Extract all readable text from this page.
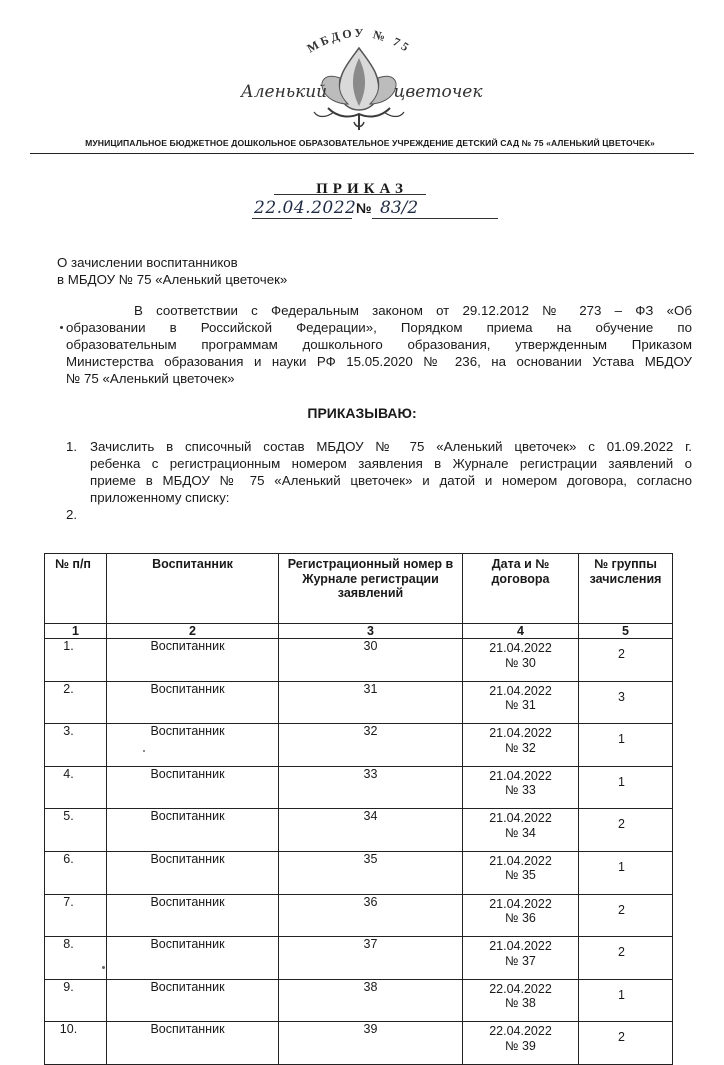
МБДОУ № 75
Аленький	цветочек
МУНИЦИПАЛЬНОЕ БЮДЖЕТНОЕ ДОШКОЛЬНОЕ ОБРАЗОВАТЕЛЬНОЕ УЧРЕЖДЕНИЕ ДЕТСКИЙ САД № 75 «АЛЕНЬКИЙ ЦВЕТОЧЕК»
ПРИКАЗ
22.04.2022 № 83/2
О зачислении воспитанников
в МБДОУ № 75 «Аленький цветочек»
В соответствии с Федеральным законом от 29.12.2012 № 273 – ФЗ «Об
образовании в Российской Федерации», Порядком приема на обучение по
образовательным программам дошкольного образования, утвержденным Приказом
Министерства образования и науки РФ 15.05.2020 № 236, на основании Устава МБДОУ
№ 75 «Аленький цветочек»
ПРИКАЗЫВАЮ:
1. Зачислить в списочный состав МБДОУ № 75 «Аленький цветочек» с 01.09.2022 г.
ребенка с регистрационным номером заявления в Журнале регистрации заявлений о
приеме в МБДОУ № 75 «Аленький цветочек» и датой и номером договора, согласно
приложенному списку:
2.

№ п/п	Воспитанник	Регистрационный номер в Журнале регистрации заявлений	Дата и № договора	№ группы зачисления
1	2	3	4	5

1.	Воспитанник	30	21.04.2022
№ 30	2

2.	Воспитанник	31	21.04.2022
№ 31	3

3.	Воспитанник	32	21.04.2022
№ 32	1

4.	Воспитанник	33	21.04.2022
№ 33	1

5.	Воспитанник	34	21.04.2022
№ 34	2

6.	Воспитанник	35	21.04.2022
№ 35	1

7.	Воспитанник	36	21.04.2022
№ 36	2

8.	Воспитанник	37	21.04.2022
№ 37	2

9.	Воспитанник	38	22.04.2022
№ 38	1

10.	Воспитанник	39	22.04.2022
№ 39	2
